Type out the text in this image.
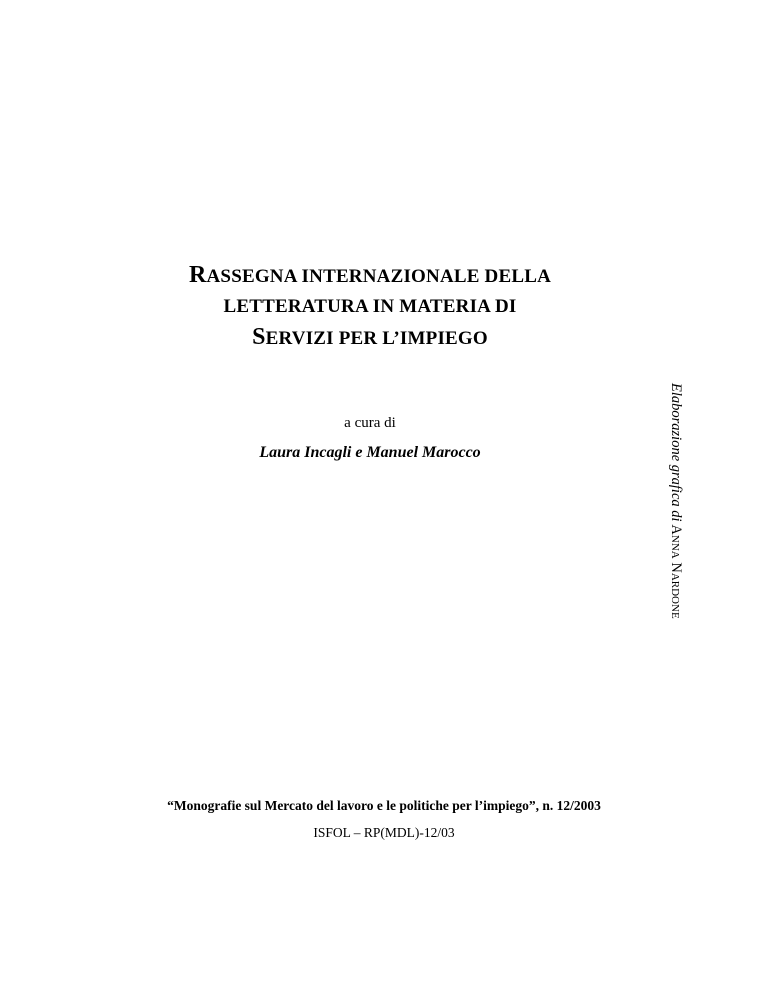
RASSEGNA INTERNAZIONALE DELLA
LETTERATURA IN MATERIA DI
SERVIZI PER L’IMPIEGO
a cura di
Laura Incagli e Manuel Marocco	Elaborazione grafica di ANNA NARDONE
“Monografie sul Mercato del lavoro e le politiche per l’impiego”, n. 12/2003
ISFOL – RP(MDL)-12/03
